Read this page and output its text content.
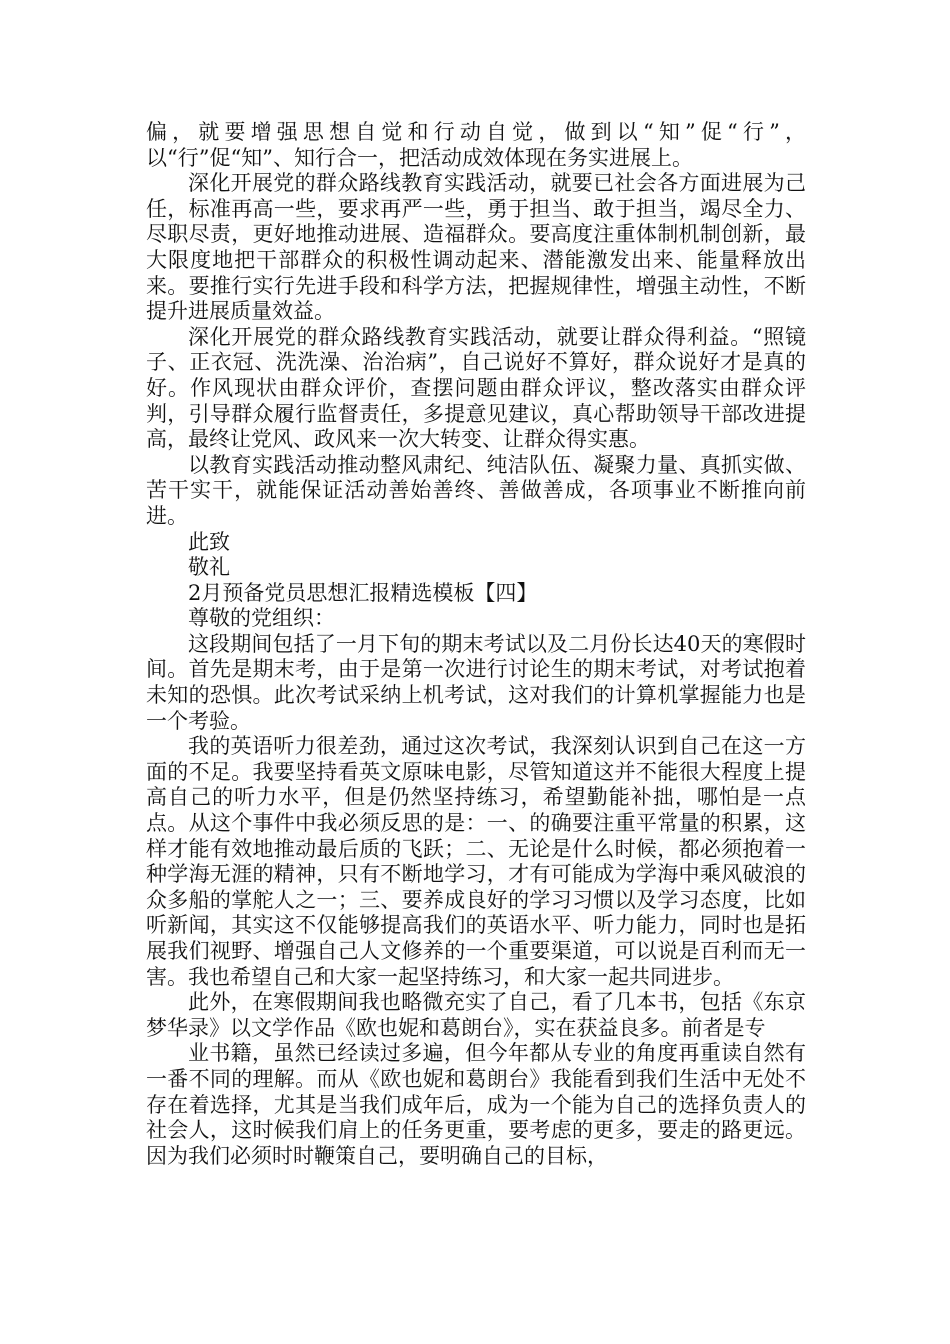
偏，就要增强思想自觉和行动自觉，做到以“知”促“行”，以“行”促“知”、知行合一，把活动成效体现在务实进展上。

深化开展党的群众路线教育实践活动，就要已社会各方面进展为己任，标准再高一些，要求再严一些，勇于担当、敢于担当，竭尽全力、尽职尽责，更好地推动进展、造福群众。要高度注重体制机制创新，最大限度地把干部群众的积极性调动起来、潜能激发出来、能量释放出来。要推行实行先进手段和科学方法，把握规律性，增强主动性，不断提升进展质量效益。

深化开展党的群众路线教育实践活动，就要让群众得利益。“照镜子、正衣冠、洗洗澡、治治病”，自己说好不算好，群众说好才是真的好。作风现状由群众评价，查摆问题由群众评议，整改落实由群众评判，引导群众履行监督责任，多提意见建议，真心帮助领导干部改进提高，最终让党风、政风来一次大转变、让群众得实惠。

以教育实践活动推动整风肃纪、纯洁队伍、凝聚力量、真抓实做、苦干实干，就能保证活动善始善终、善做善成，各项事业不断推向前进。

此致

敬礼

2月预备党员思想汇报精选模板【四】

尊敬的党组织：

这段期间包括了一月下旬的期末考试以及二月份长达40天的寒假时间。首先是期末考，由于是第一次进行讨论生的期末考试，对考试抱着未知的恐惧。此次考试采纳上机考试，这对我们的计算机掌握能力也是一个考验。

我的英语听力很差劲，通过这次考试，我深刻认识到自己在这一方面的不足。我要坚持看英文原味电影，尽管知道这并不能很大程度上提高自己的听力水平，但是仍然坚持练习，希望勤能补拙，哪怕是一点点。从这个事件中我必须反思的是：一、的确要注重平常量的积累，这样才能有效地推动最后质的飞跃；二、无论是什么时候，都必须抱着一种学海无涯的精神，只有不断地学习，才有可能成为学海中乘风破浪的众多船的掌舵人之一；三、要养成良好的学习习惯以及学习态度，比如听新闻，其实这不仅能够提高我们的英语水平、听力能力，同时也是拓展我们视野、增强自己人文修养的一个重要渠道，可以说是百利而无一害。我也希望自己和大家一起坚持练习，和大家一起共同进步。

此外，在寒假期间我也略微充实了自己，看了几本书，包括《东京梦华录》以文学作品《欧也妮和葛朗台》，实在获益良多。前者是专

业书籍，虽然已经读过多遍，但今年都从专业的角度再重读自然有一番不同的理解。而从《欧也妮和葛朗台》我能看到我们生活中无处不存在着选择，尤其是当我们成年后，成为一个能为自己的选择负责人的社会人，这时候我们肩上的任务更重，要考虑的更多，要走的路更远。因为我们必须时时鞭策自己，要明确自己的目标，
